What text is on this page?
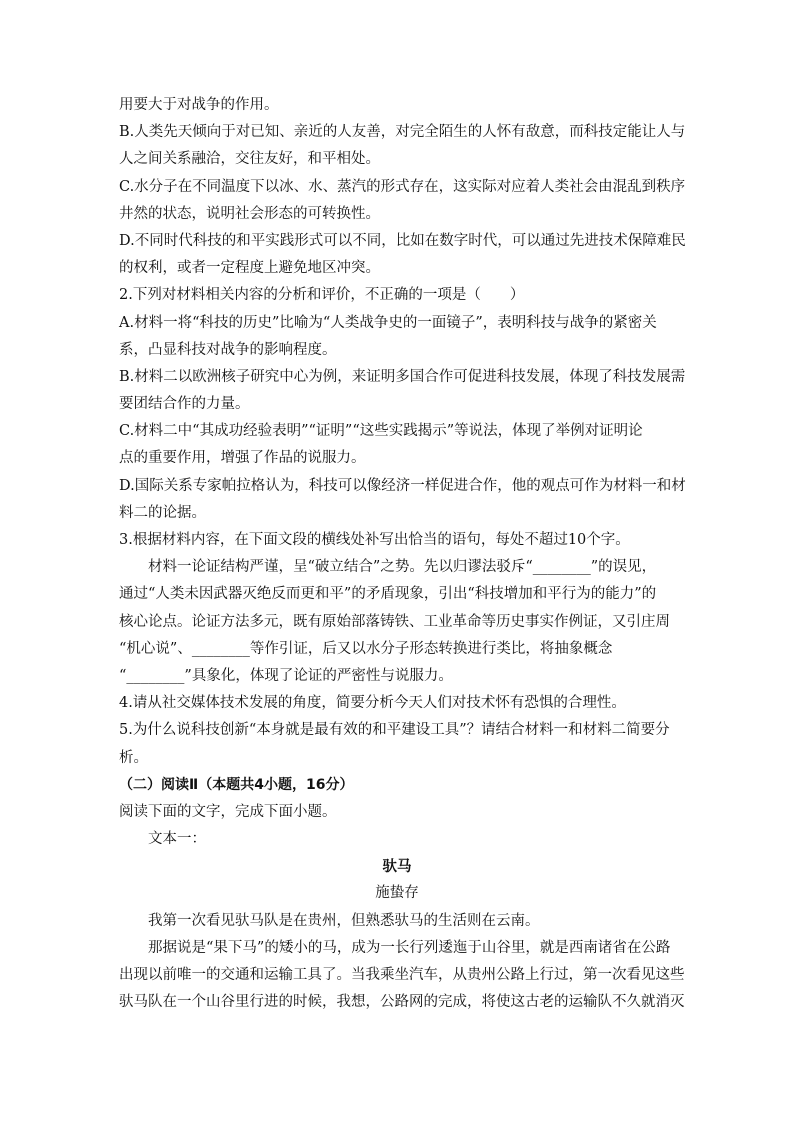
用要大于对战争的作用。
B.人类先天倾向于对已知、亲近的人友善，对完全陌生的人怀有敌意，而科技定能让人与
人之间关系融洽，交往友好，和平相处。
C.水分子在不同温度下以冰、水、蒸汽的形式存在，这实际对应着人类社会由混乱到秩序
井然的状态，说明社会形态的可转换性。
D.不同时代科技的和平实践形式可以不同，比如在数字时代，可以通过先进技术保障难民
的权利，或者一定程度上避免地区冲突。
2.下列对材料相关内容的分析和评价，不正确的一项是（　　）
A.材料一将“科技的历史”比喻为“人类战争史的一面镜子”，表明科技与战争的紧密关
系，凸显科技对战争的影响程度。
B.材料二以欧洲核子研究中心为例，来证明多国合作可促进科技发展，体现了科技发展需
要团结合作的力量。
C.材料二中“其成功经验表明”“证明”“这些实践揭示”等说法，体现了举例对证明论
点的重要作用，增强了作品的说服力。
D.国际关系专家帕拉格认为，科技可以像经济一样促进合作，他的观点可作为材料一和材
料二的论据。
3.根据材料内容，在下面文段的横线处补写出恰当的语句，每处不超过10个字。
材料一论证结构严谨，呈“破立结合”之势。先以归谬法驳斥“________”的误见，
通过“人类未因武器灭绝反而更和平”的矛盾现象，引出“科技增加和平行为的能力”的
核心论点。论证方法多元，既有原始部落铸铁、工业革命等历史事实作例证，又引庄周
“机心说”、________等作引证，后又以水分子形态转换进行类比，将抽象概念
“________”具象化，体现了论证的严密性与说服力。
4.请从社交媒体技术发展的角度，简要分析今天人们对技术怀有恐惧的合理性。
5.为什么说科技创新“本身就是最有效的和平建设工具”？请结合材料一和材料二简要分
析。
（二）阅读Ⅱ（本题共4小题，16分）
阅读下面的文字，完成下面小题。
文本一：
驮马
施蛰存
我第一次看见驮马队是在贵州，但熟悉驮马的生活则在云南。
那据说是“果下马”的矮小的马，成为一长行列逶迤于山谷里，就是西南诸省在公路
出现以前唯一的交通和运输工具了。当我乘坐汽车，从贵州公路上行过，第一次看见这些
驮马队在一个山谷里行进的时候，我想，公路网的完成，将使这古老的运输队不久就消灭
